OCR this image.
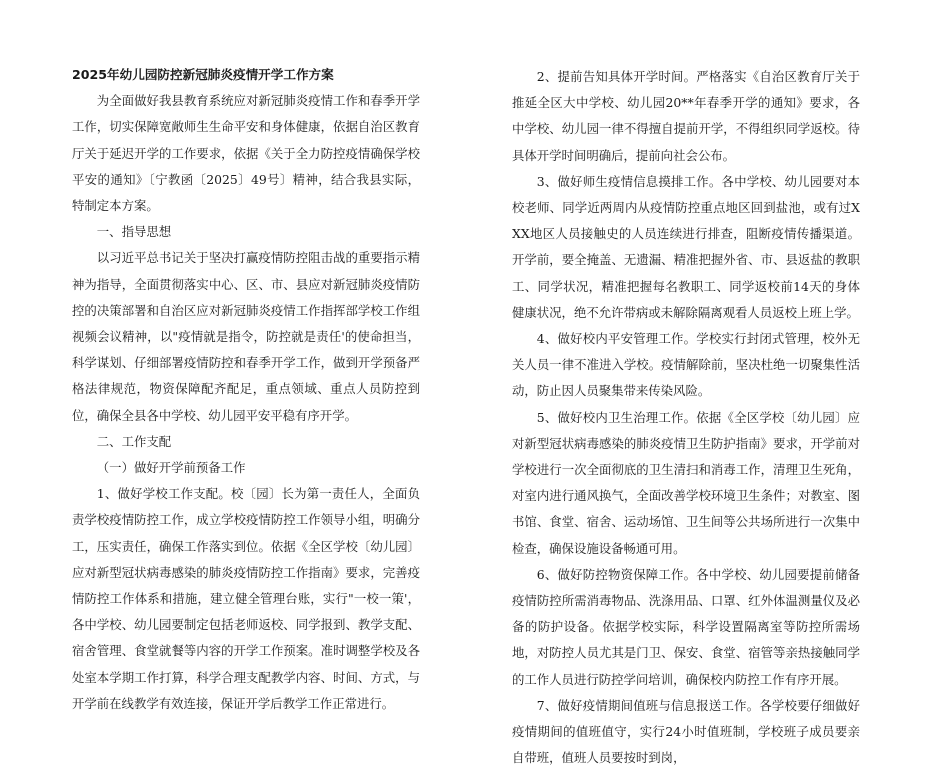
2025年幼儿园防控新冠肺炎疫情开学工作方案

为全面做好我县教育系统应对新冠肺炎疫情工作和春季开学工作，切实保障宽敞师生生命平安和身体健康，依据自治区教育厅关于延迟开学的工作要求，依据《关于全力防控疫情确保学校平安的通知》〔宁教函〔2025〕49号〕精神，结合我县实际，特制定本方案。

一、指导思想

以习近平总书记关于坚决打赢疫情防控阻击战的重要指示精神为指导，全面贯彻落实中心、区、市、县应对新冠肺炎疫情防控的决策部署和自治区应对新冠肺炎疫情工作指挥部学校工作组视频会议精神，以"疫情就是指令，防控就是责任'的使命担当，科学谋划、仔细部署疫情防控和春季开学工作，做到开学预备严格法律规范，物资保障配齐配足，重点领域、重点人员防控到位，确保全县各中学校、幼儿园平安平稳有序开学。

二、工作支配

（一）做好开学前预备工作

1、做好学校工作支配。校〔园〕长为第一责任人，全面负责学校疫情防控工作，成立学校疫情防控工作领导小组，明确分工，压实责任，确保工作落实到位。依据《全区学校〔幼儿园〕应对新型冠状病毒感染的肺炎疫情防控工作指南》要求，完善疫情防控工作体系和措施，建立健全管理台账，实行"一校一策'，各中学校、幼儿园要制定包括老师返校、同学报到、教学支配、宿舍管理、食堂就餐等内容的开学工作预案。准时调整学校及各处室本学期工作打算，科学合理支配教学内容、时间、方式，与开学前在线教学有效连接，保证开学后教学工作正常进行。

2、提前告知具体开学时间。严格落实《自治区教育厅关于推延全区大中学校、幼儿园20**年春季开学的通知》要求，各中学校、幼儿园一律不得擅自提前开学，不得组织同学返校。待具体开学时间明确后，提前向社会公布。

3、做好师生疫情信息摸排工作。各中学校、幼儿园要对本校老师、同学近两周内从疫情防控重点地区回到盐池，或有过XXX地区人员接触史的人员连续进行排查，阻断疫情传播渠道。开学前，要全掩盖、无遗漏、精准把握外省、市、县返盐的教职工、同学状况，精准把握每名教职工、同学返校前14天的身体健康状况，绝不允许带病或未解除隔离观看人员返校上班上学。

4、做好校内平安管理工作。学校实行封闭式管理，校外无关人员一律不准进入学校。疫情解除前，坚决杜绝一切聚集性活动，防止因人员聚集带来传染风险。

5、做好校内卫生治理工作。依据《全区学校〔幼儿园〕应对新型冠状病毒感染的肺炎疫情卫生防护指南》要求，开学前对学校进行一次全面彻底的卫生清扫和消毒工作，清理卫生死角，对室内进行通风换气，全面改善学校环境卫生条件；对教室、图书馆、食堂、宿舍、运动场馆、卫生间等公共场所进行一次集中检查，确保设施设备畅通可用。

6、做好防控物资保障工作。各中学校、幼儿园要提前储备疫情防控所需消毒物品、洗涤用品、口罩、红外体温测量仪及必备的防护设备。依据学校实际，科学设置隔离室等防控所需场地，对防控人员尤其是门卫、保安、食堂、宿管等亲热接触同学的工作人员进行防控学问培训，确保校内防控工作有序开展。

7、做好疫情期间值班与信息报送工作。各学校要仔细做好疫情期间的值班值守，实行24小时值班制，学校班子成员要亲自带班，值班人员要按时到岗，
